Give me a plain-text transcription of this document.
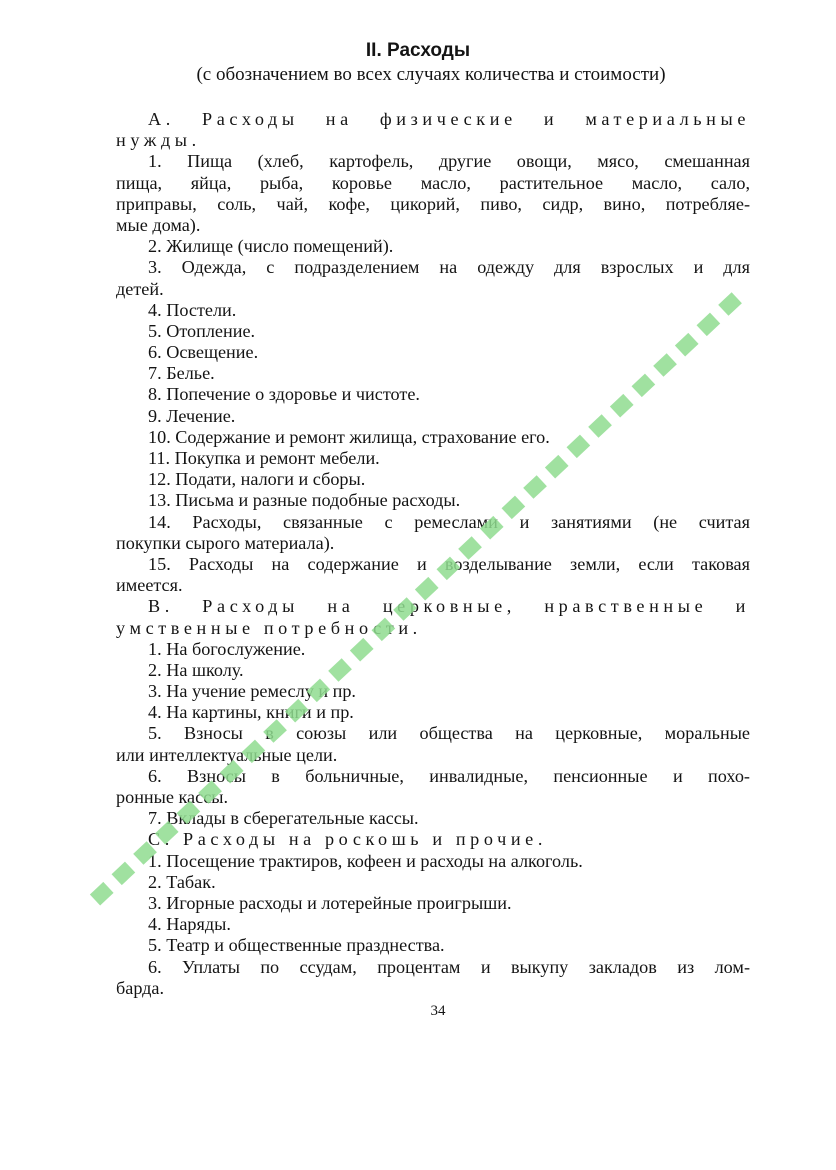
II. Расходы
(с обозначением во всех случаях количества и стоимости)
А. Расходы на физические и материальные
нужды.
1. Пища (хлеб, картофель, другие овощи, мясо, смешанная
пища, яйца, рыба, коровье масло, растительное масло, сало,
приправы, соль, чай, кофе, цикорий, пиво, сидр, вино, потребляе-
мые дома).
2. Жилище (число помещений).
3. Одежда, с подразделением на одежду для взрослых и для
детей.
4. Постели.
5. Отопление.
6. Освещение.
7. Белье.
8. Попечение о здоровье и чистоте.
9. Лечение.
10. Содержание и ремонт жилища, страхование его.
11. Покупка и ремонт мебели.
12. Подати, налоги и сборы.
13. Письма и разные подобные расходы.
14. Расходы, связанные с ремеслами и занятиями (не считая
покупки сырого материала).
15. Расходы на содержание и возделывание земли, если таковая
имеется.
В. Расходы на церковные, нравственные и
умственные потребности.
1. На богослужение.
2. На школу.
3. На учение ремеслу и пр.
4. На картины, книги и пр.
5. Взносы в союзы или общества на церковные, моральные
или интеллектуальные цели.
6. Взносы в больничные, инвалидные, пенсионные и похо-
ронные кассы.
7. Вклады в сберегательные кассы.
С. Расходы на роскошь и прочие.
1. Посещение трактиров, кофеен и расходы на алкоголь.
2. Табак.
3. Игорные расходы и лотерейные проигрыши.
4. Наряды.
5. Театр и общественные празднества.
6. Уплаты по ссудам, процентам и выкупу закладов из лом-
барда.
34
